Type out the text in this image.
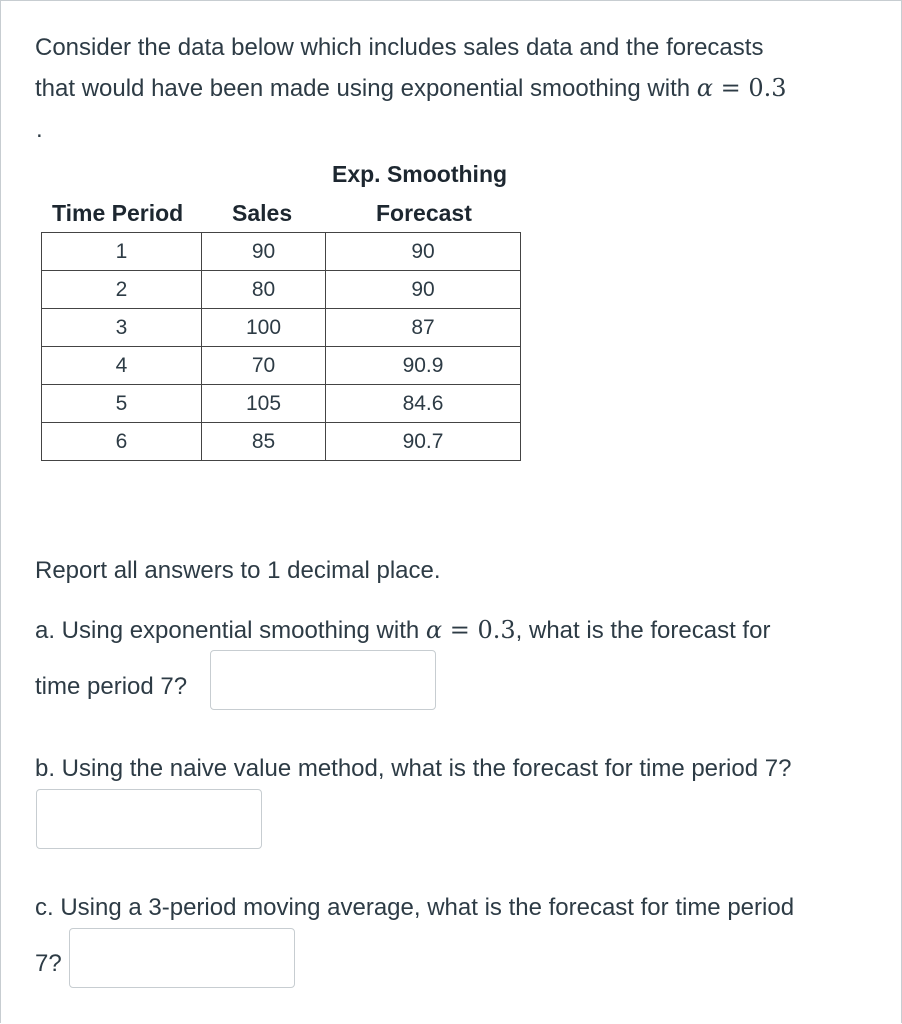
Consider the data below which includes sales data and the forecasts
that would have been made using exponential smoothing with α = 0.3
.
Time Period Sales
Exp. Smoothing
Forecast
1	90	90
2	80	90
3	100	87
4	70	90.9
5	105	84.6
6	85	90.7
Report all answers to 1 decimal place.
a. Using exponential smoothing with α = 0.3, what is the forecast for
time period 7?
b. Using the naive value method, what is the forecast for time period 7?
c. Using a 3-period moving average, what is the forecast for time period
7?
